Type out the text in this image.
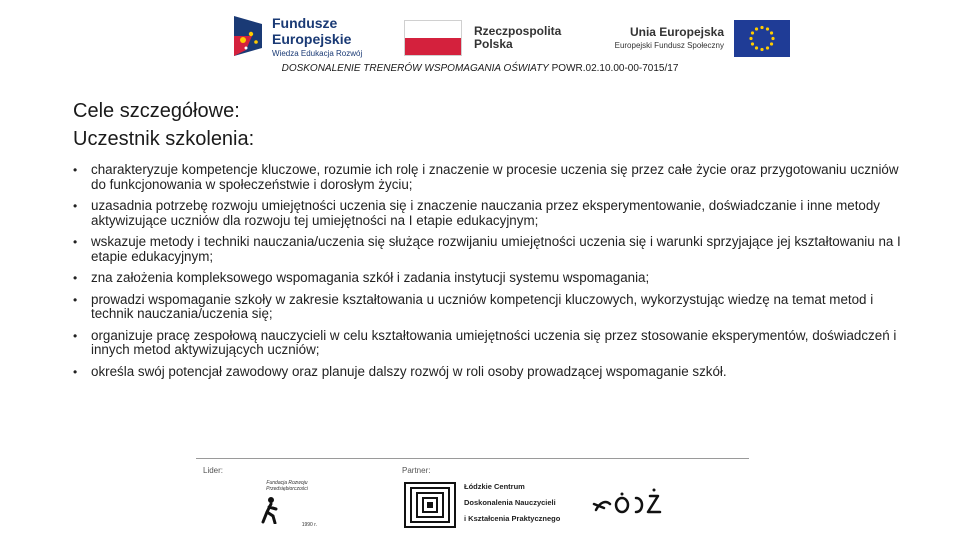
Fundusze
Europejskie
Wiedza Edukacja Rozwój
Rzeczpospolita
Polska
Unia Europejska
Europejski Fundusz Społeczny
DOSKONALENIE TRENERÓW WSPOMAGANIA OŚWIATY POWR.02.10.00-00-7015/17
Cele szczegółowe:
Uczestnik szkolenia:
• charakteryzuje kompetencje kluczowe, rozumie ich rolę i znaczenie w procesie uczenia się przez całe życie oraz przygotowaniu uczniów do funkcjonowania w społeczeństwie i dorosłym życiu;
• uzasadnia potrzebę rozwoju umiejętności uczenia się i znaczenie nauczania przez eksperymentowanie, doświadczanie i inne metody aktywizujące uczniów dla rozwoju tej umiejętności na I etapie edukacyjnym;
• wskazuje metody i techniki nauczania/uczenia się służące rozwijaniu umiejętności uczenia się i warunki sprzyjające jej kształtowaniu na I etapie edukacyjnym;
• zna założenia kompleksowego wspomagania szkół i zadania instytucji systemu wspomagania;
• prowadzi wspomaganie szkoły w zakresie kształtowania u uczniów kompetencji kluczowych, wykorzystując wiedzę na temat metod i technik nauczania/uczenia się;
• organizuje pracę zespołową nauczycieli w celu kształtowania umiejętności uczenia się przez stosowanie eksperymentów, doświadczeń i innych metod aktywizujących uczniów;
• określa swój potencjał zawodowy oraz planuje dalszy rozwój w roli osoby prowadzącej wspomaganie szkół.
Lider:	Partner:
Fundacja Rozwoju
Przedsiębiorczości
1990 r.
Łódzkie Centrum
Doskonalenia Nauczycieli
i Kształcenia Praktycznego
